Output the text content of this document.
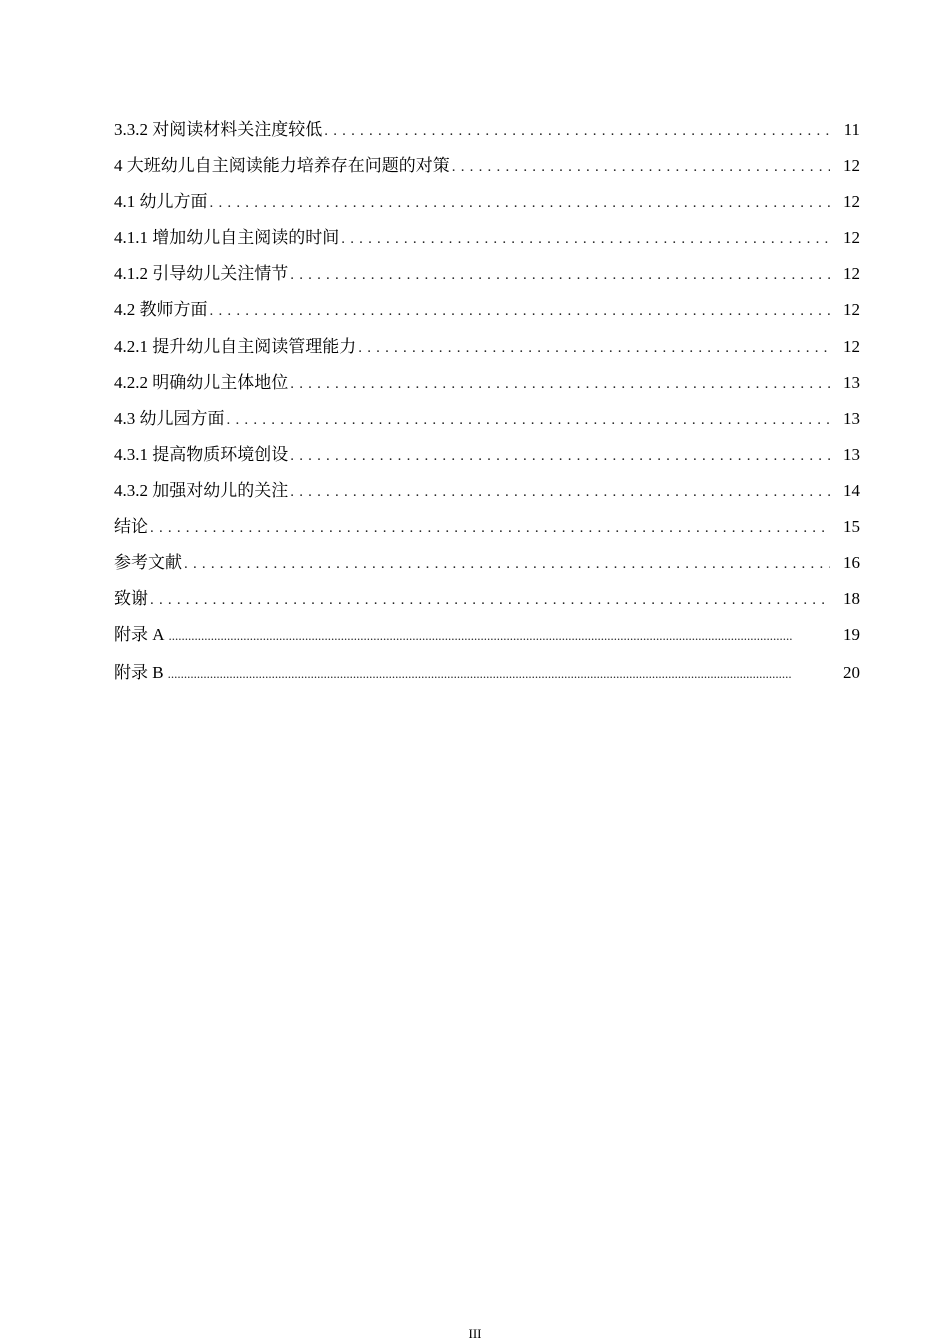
3.3.2 对阅读材料关注度较低 .....	11
4 大班幼儿自主阅读能力培养存在问题的对策 .....	12
4.1 幼儿方面 .....	12
4.1.1 增加幼儿自主阅读的时间 .....	12
4.1.2 引导幼儿关注情节 .....	12
4.2 教师方面 .....	12
4.2.1 提升幼儿自主阅读管理能力 .....	12
4.2.2 明确幼儿主体地位 .....	13
4.3 幼儿园方面 .....	13
4.3.1 提高物质环境创设 .....	13
4.3.2 加强对幼儿的关注 .....	14
结论 .....	15
参考文献 .....	16
致谢 .....	18
附录 A .....	19
附录 B .....	20
III
